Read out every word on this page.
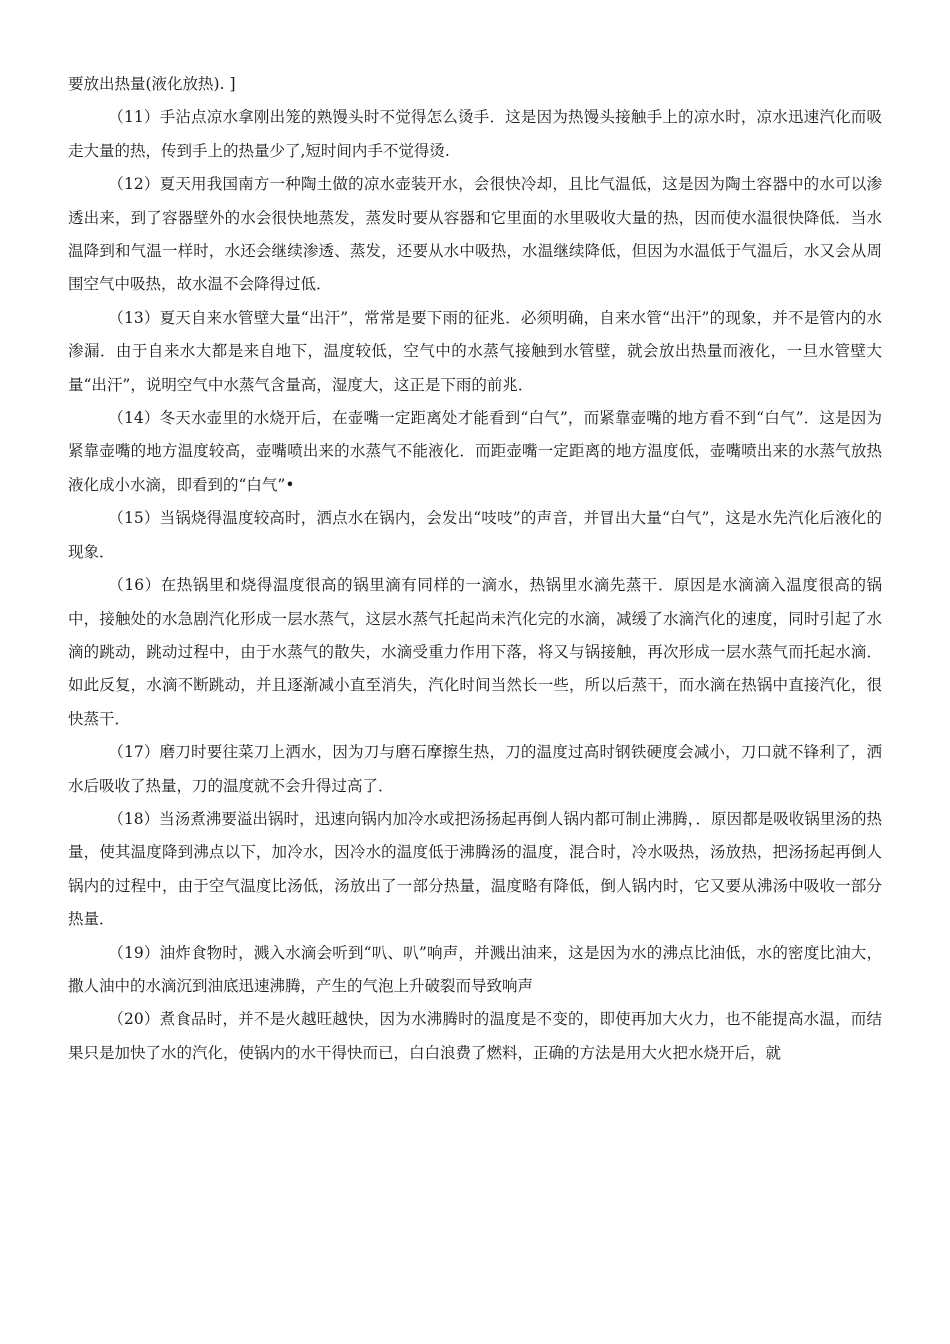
要放出热量(液化放热). ]

（11）手沾点凉水拿刚出笼的熟馒头时不觉得怎么烫手．这是因为热馒头接触手上的凉水时，凉水迅速汽化而吸走大量的热，传到手上的热量少了,短时间内手不觉得烫.

（12）夏天用我国南方一种陶土做的凉水壶装开水，会很快冷却，且比气温低，这是因为陶土容器中的水可以渗透出来，到了容器壁外的水会很快地蒸发，蒸发时要从容器和它里面的水里吸收大量的热，因而使水温很快降低．当水温降到和气温一样时，水还会继续渗透、蒸发，还要从水中吸热，水温继续降低，但因为水温低于气温后，水又会从周围空气中吸热，故水温不会降得过低．

（13）夏天自来水管壁大量“出汗”，常常是要下雨的征兆．必须明确，自来水管“出汗”的现象，并不是管内的水渗漏．由于自来水大都是来自地下，温度较低，空气中的水蒸气接触到水管壁，就会放出热量而液化，一旦水管壁大量“出汗”，说明空气中水蒸气含量高，湿度大，这正是下雨的前兆．

（14）冬天水壶里的水烧开后，在壶嘴一定距离处才能看到“白气”，而紧靠壶嘴的地方看不到“白气”．这是因为紧靠壶嘴的地方温度较高，壶嘴喷出来的水蒸气不能液化．而距壶嘴一定距离的地方温度低，壶嘴喷出来的水蒸气放热液化成小水滴，即看到的“白气”•

（15）当锅烧得温度较高时，洒点水在锅内，会发出“吱吱”的声音，并冒出大量“白气”，这是水先汽化后液化的现象．

（16）在热锅里和烧得温度很高的锅里滴有同样的一滴水，热锅里水滴先蒸干．原因是水滴滴入温度很高的锅中，接触处的水急剧汽化形成一层水蒸气，这层水蒸气托起尚未汽化完的水滴，减缓了水滴汽化的速度，同时引起了水滴的跳动，跳动过程中，由于水蒸气的散失，水滴受重力作用下落，将又与锅接触，再次形成一层水蒸气而托起水滴．如此反复，水滴不断跳动，并且逐渐减小直至消失，汽化时间当然长一些，所以后蒸干，而水滴在热锅中直接汽化，很快蒸干．

（17）磨刀时要往菜刀上洒水，因为刀与磨石摩擦生热，刀的温度过高时钢铁硬度会减小，刀口就不锋利了，洒水后吸收了热量，刀的温度就不会升得过高了．

（18）当汤煮沸要溢出锅时，迅速向锅内加冷水或把汤扬起再倒人锅内都可制止沸腾，．原因都是吸收锅里汤的热量，使其温度降到沸点以下，加冷水，因冷水的温度低于沸腾汤的温度，混合时，冷水吸热，汤放热，把汤扬起再倒人锅内的过程中，由于空气温度比汤低，汤放出了一部分热量，温度略有降低，倒人锅内时，它又要从沸汤中吸收一部分热量．

（19）油炸食物时，溅入水滴会听到“叭、叭”响声，并溅出油来，这是因为水的沸点比油低，水的密度比油大，撒人油中的水滴沉到油底迅速沸腾，产生的气泡上升破裂而导致响声

（20）煮食品时，并不是火越旺越快，因为水沸腾时的温度是不变的，即使再加大火力，也不能提高水温，而结果只是加快了水的汽化，使锅内的水干得快而已，白白浪费了燃料，正确的方法是用大火把水烧开后，就
